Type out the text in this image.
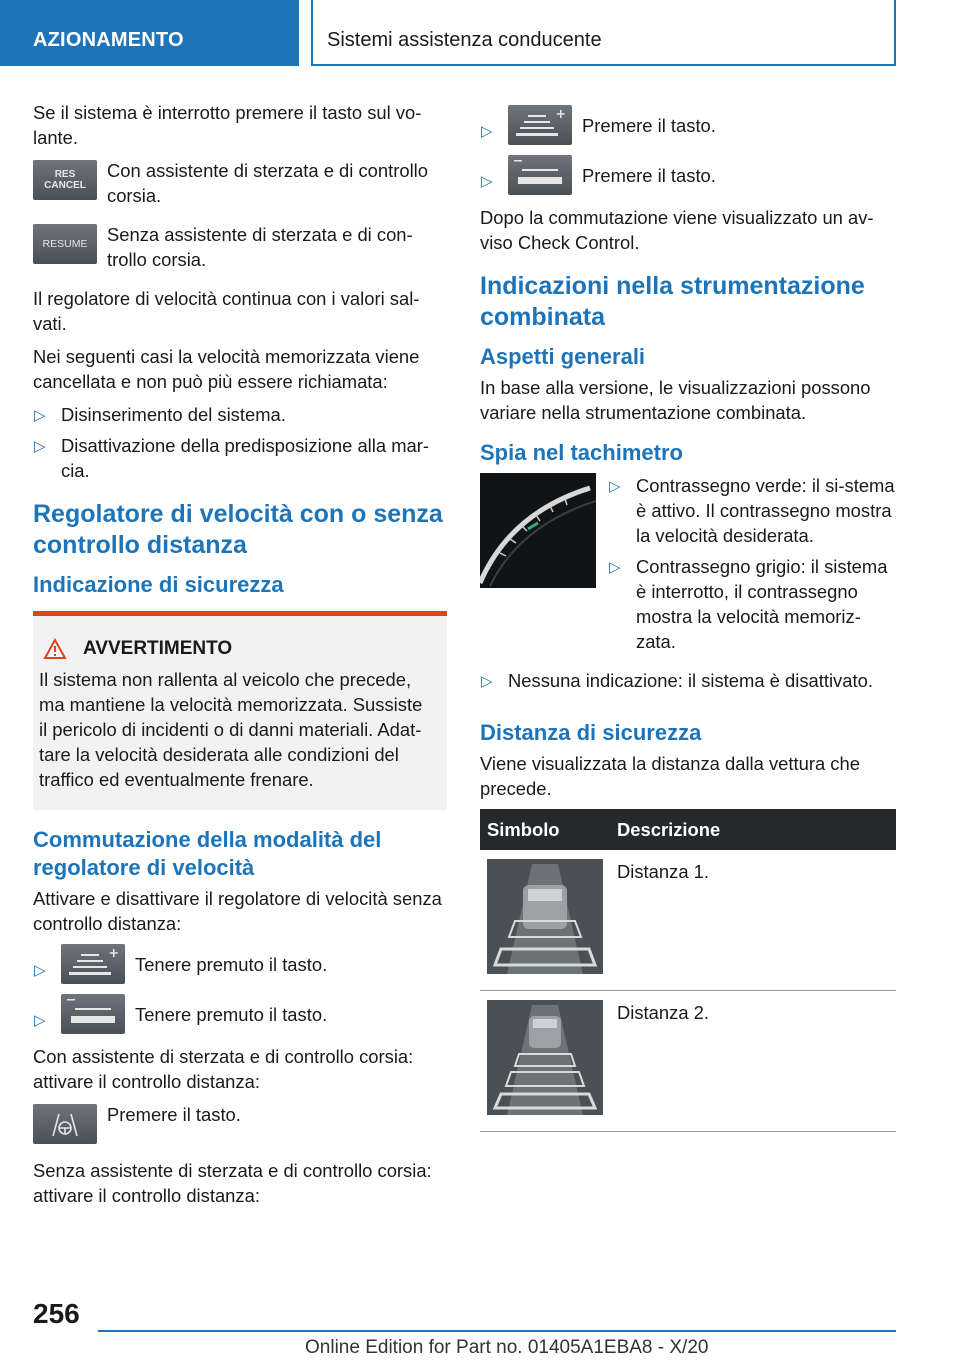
AZIONAMENTO	Sistemi assistenza conducente

Se il sistema è interrotto premere il tasto sul vo-lante.

RES
CANCEL
Con assistente di sterzata e di controllo corsia.
RESUME	Senza assistente di sterzata e di con-trollo corsia.

Il regolatore di velocità continua con i valori sal-vati.

Nei seguenti casi la velocità memorizzata viene cancellata e non può più essere richiamata:

▷ Disinserimento del sistema.
▷ Disattivazione della predisposizione alla mar-cia.
Regolatore di velocità con o senza controllo distanza
Indicazione di sicurezza
AVVERTIMENTO
Il sistema non rallenta al veicolo che precede, ma mantiene la velocità memorizzata. Sussiste il pericolo di incidenti o di danni materiali. Adat-tare la velocità desiderata alle condizioni del traffico ed eventualmente frenare.
Commutazione della modalità del regolatore di velocità

Attivare e disattivare il regolatore di velocità senza controllo distanza:

▷	Tenere premuto il tasto.
▷	Tenere premuto il tasto.

Con assistente di sterzata e di controllo corsia: attivare il controllo distanza:

Premere il tasto.

Senza assistente di sterzata e di controllo corsia: attivare il controllo distanza:

▷	Premere il tasto.
▷	Premere il tasto.

Dopo la commutazione viene visualizzato un av-viso Check Control.

Indicazioni nella strumentazione combinata
Aspetti generali

In base alla versione, le visualizzazioni possono variare nella strumentazione combinata.

Spia nel tachimetro
▷ Contrassegno verde: il si-stema è attivo. Il contrassegno mostra la velocità desiderata.
▷ Contrassegno grigio: il sistema è interrotto, il contrassegno mostra la velocità memoriz-zata.
▷ Nessuna indicazione: il sistema è disattivato.
Distanza di sicurezza

Viene visualizzata la distanza dalla vettura che precede.

Simbolo	Descrizione
	Distanza 1.
	Distanza 2.
256
Online Edition for Part no. 01405A1EBA8 - X/20
